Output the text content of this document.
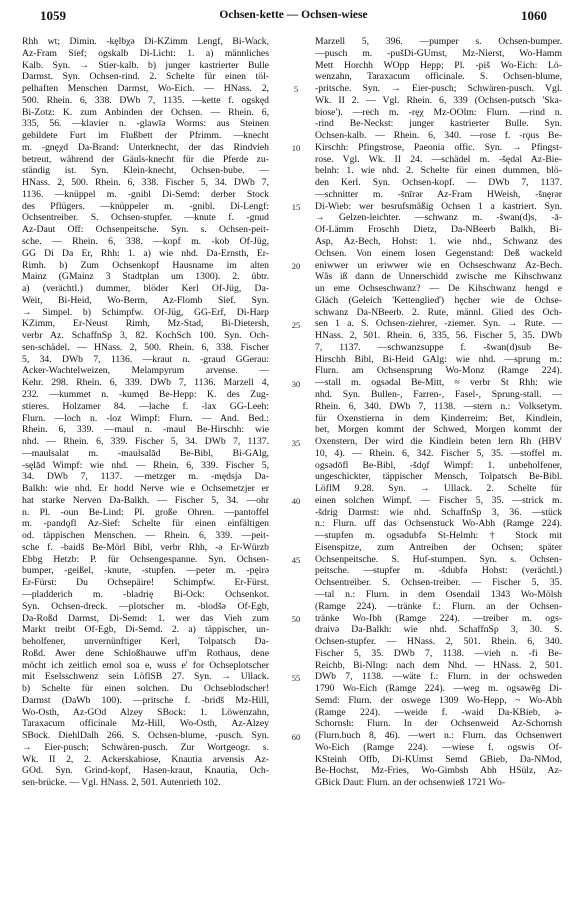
1059	Ochsen-kette — Ochsen-wiese	1060
Rhh wt; Dimin. -kęlbχə Di-KZimm Lengf, Bi-Wack,
Az-Fram Sief; ogskalb Di-Licht: 1. a) männliches
Kalb. Syn. → Stier-kalb. b) junger kastrierter Bulle
Darmst. Syn. Ochsen-rind. 2. Schelte für einen töl-
pelhaften Menschen Darmst, Wo-Eich. — HNass. 2,
500. Rhein. 6, 338. DWb 7, 1135. —kette f. ogskęd
Bi-Zotz: K. zum Anbinden der Ochsen. — Rhein. 6,
335, 56. —klavier n. -glawīə Worms: aus Steinen
gebildete Furt im Flußbett der Pfrimm. —knecht
m. -gnęχd Da-Brand: Unterknecht, der das Rindvieh
betreut, während der Gäuls-knecht für die Pferde zu-
ständig ist. Syn. Klein-knecht, Ochsen-bube. —
HNass. 2, 500. Rhein. 6, 338. Fischer 5, 34. DWb 7,
1136. —knüppel m. -gnibl Di-Semd: derber Stock
des Pflügers. —knüppeler m. -gnibl. Di-Lengf:
Ochsentreiber. S. Ochsen-stupfer. —knute f. -gnud
Az-Daut Off: Ochsenpeitsche. Syn. s. Ochsen-peit-
sche. — Rhein. 6, 338. —kopf m. -kob Of-Jüg,
GG Di Da Er, Rhh: 1. a) wie nhd. Da-Ernsth, Er-
Rimh. b) Zum Ochsenkopf Hausname im alten
Mainz (GMainz 3 Stadtplan um 1300). 2. übtr.
a) (verächtl.) dummer, blöder Kerl Of-Jüg, Da-
Weit, Bi-Heid, Wo-Berm, Az-Flomb Sief. Syn.
→ Simpel. b) Schimpfw. Of-Jüg, GG-Erf, Di-Harp
KZimm, Er-Neust Rimh, Mz-Stad, Bi-Dietersh,
verbr Az. SchaffnSp 3, 82. KochSch 100. Syn. Och-
sen-schädel. — HNass. 2, 500. Rhein. 6, 338. Fischer
5, 34. DWb 7, 1136. —kraut n. -graud GGerau:
Acker-Wachtelweizen, Melampyrum arvense. —
Kehr. 298. Rhein. 6, 339. DWb 7, 1136. Marzell 4,
232. —kummet n. -kumęd Be-Hepp: K. des Zug-
stieres. Holzamer 84. —lache f. -lax GG-Leeh:
Flurn. —loch n. -loz Wimpf: Flurn. — And. Bed.:
Rhein. 6, 339. —maul n. -maul Be-Hirschh: wie
nhd. — Rhein. 6, 339. Fischer 5, 34. DWb 7, 1137.
—maulsalat m. -maulsalād Be-Bibl, Bi-GAlg,
-sęlād Wimpf: wie nhd. — Rhein. 6, 339. Fischer 5,
34. DWb 7, 1137. —metzger m. -mędsjə Da-
Balkh: wie nhd. Er hodd Nerve wie e Ochsemetzjer er
hat starke Nerven Da-Balkh. — Fischer 5, 34. —ohr
n. Pl. -oun Be-Lind: Pl. große Ohren. —pantoffel
m. -pandǫfl Az-Sief: Schelte für einen einfältigen
od. täppischen Menschen. — Rhein. 6, 339. —peit-
sche f. -baidš Be-Mörl Bibl, verbr Rhh, -ə Er-Würzb
Ebbg Hetzb: P. für Ochsengespanne. Syn. Ochsen-
bumper, -geißel, -knute, -stupfen. —peter m. -pęirə
Er-Fürst: Du Ochsepäire! Schimpfw. Er-Fürst.
—pladderich m. -bladrię Bi-Ock: Ochsenkot.
Syn. Ochsen-dreck. —plotscher m. -blodšə Of-Egb,
Da-Roßd Darmst, Di-Semd: 1. wer das Vieh zum
Markt treibt Of-Egb, Di-Semd. 2. a) täppischer, un-
beholfener, unvernünftiger Kerl, Tolpatsch Da-
Roßd. Awer dene Schloßhauwe uff'm Rothaus, dene
möcht ich zeitlich emol soa e, wuss e' for Ochseplotscher
mit Eselsschwenz sein LöflSB 27. Syn. → Ullack.
b) Schelte für einen solchen. Du Ochseblodscher!
Darmst (DaWb 100). —pritsche f. -bridš Mz-Hill,
Wo-Osth, Az-GOd Alzey SBock: 1. Löwenzahn,
Taraxacum officinale Mz-Hill, Wo-Osth, Az-Alzey
SBock. DiehlDalh 266. S. Ochsen-blume, -pusch. Syn.
→ Eier-pusch; Schwären-pusch. Zur Wortgeogr. s.
Wk. II 2, 2. Ackerskabiose, Knautia arvensis Az-
GOd. Syn. Grind-kopf, Hasen-kraut, Knautia, Och-
sen-brücke. — Vgl. HNass. 2, 501. Autenrieth 102.
5
10
15
20
25
30
35
40
45
50
55
60
Marzell 5, 396. —pumper s. Ochsen-bumper.
—pusch m. -pušDi-GUmst, Mz-Nierst, Wo-Hamm
Mett Horchh WOpp Hepp; Pl. -piš Wo-Eich: Lö-
wenzahn, Taraxacum officinale. S. Ochsen-blume,
-pritsche. Syn. → Eier-pusch; Schwären-pusch. Vgl.
Wk. II 2. — Vgl. Rhein. 6, 339 (Ochsen-putsch 'Ska-
biose'). —rech m. -ręχ Mz-OOlm: Flurn. —rind n.
-rind Be-Neckst: junger kastrierter Bulle. Syn.
Ochsen-kalb. — Rhein. 6, 340. —rose f. -rǫus Be-
Kirschh: Pfingstrose, Paeonia offic. Syn. → Pfingst-
rose. Vgl. Wk. II 24. —schädel m. -šędǝl Az-Bie-
belnh: 1. wie nhd. 2. Schelte für einen dummen, blö-
den Kerl. Syn. Ochsen-kopf. — DWb 7, 1137.
—schnitter m. -šnīrər Az-Fram HWeish, -šnęrər
Di-Wieb: wer besrufsmäßig Ochsen 1 a kastriert. Syn.
→ Gelzen-leichter. —schwanz m. -šwan(d)s, -ā-
Of-Lämm Froschh Dietz, Da-NBeerb Balkh, Bi-
Asp, Az-Bech, Hohst: 1. wie nhd., Schwanz des
Ochsen. Von einem losen Gegenstand: Deß wackeld
eniwwer un eriwwer wie en Ochseschwanz Az-Bech.
Wås iß dann de Unnerschidd zwische me Kihschwanz
un eme Ochseschwanz? — De Kihschwanz hengd e
Gläch (Geleich 'Kettenglied') hęcher wie de Ochse-
schwanz Da-NBeerb. 2. Rute, männl. Glied des Och-
sen 1 a. S. Ochsen-ziehrer, -ziemer. Syn. → Rute. —
HNass. 2, 501. Rhein. 6, 335, 56. Fischer 5, 35. DWb
7, 1137. —schwanzsuppe f. -šwan(d)sub Be-
Hirschh Bibl, Bi-Heid GAlg: wie nhd. —sprung m.:
Flurn. am Ochsensprung Wo-Monz (Ramge 224).
—stall m. ogsədal Be-Mitt, ≈ verbr St Rhh: wie
nhd. Syn. Bullen-, Farren-, Fasel-, Sprung-stall. —
Rhein. 6, 340. DWb 7, 1138. —stern n.: Volksetym.
für Oxenstierna in dem Kinderreim: Bet, Kindlein,
bet, Morgen kommt der Schwed, Morgen kommt der
Oxenstern, Der wird die Kindlein beten lern Rh (HBV
10, 4). — Rhein. 6, 342. Fischer 5, 35. —stoffel m.
ogsədōfl Be-Bibl, -šdǫf Wimpf: 1. unbeholfener,
ungeschickter, täppischer Mensch, Tolpatsch Be-Bibl.
LöflM 9.28. Syn. → Ullack. 2. Schelte für
einen solchen Wimpf. — Fischer 5, 35. —strick m.
-šdrig Darmst: wie nhd. SchaffnSp 3, 36. —stück
n.: Flurn. uff das Ochsenstuck Wo-Abh (Ramge 224).
—stupfen m. ogsədubfə St-Helmh: † Stock mit
Eisenspitze, zum Antreiben der Ochsen; später
Ochsenpeitsche. S. Huf-stumpen. Syn. s. Ochsen-
peitsche. —stupfer m. -šdubfə Hohst: (verächtl.)
Ochsentreiber. S. Ochsen-treiber. — Fischer 5, 35.
—tal n.: Flurn. in dem Osendail 1343 Wo-Mölsh
(Ramge 224). —tränke f.: Flurn. an der Ochsen-
tränke Wo-Ibh (Ramge 224). —treiber m. ogs-
draivə Da-Balkh: wie nhd. SchaffnSp 3, 30. S.
Ochsen-stupfer. — HNass. 2, 501. Rhein. 6, 340.
Fischer 5, 35. DWb 7, 1138. —vieh n. -fi Be-
Reichb, Bi-NIng: nach dem Nhd. — HNass. 2, 501.
DWb 7, 1138. —wäte f.: Flurn. in der ochsweden
1790 Wo-Eich (Ramge 224). —weg m. ogsəwēg Di-
Semd: Flurn. der oswege 1309 Wo-Hepp, ~ Wo-Abh
(Ramge 224). —weide f. -waid Da-KBieb, ə-
Schornsh: Flurn. In der Ochsenweid Az-Schornsh
(Flurn.buch 8, 46). —wert n.: Flurn. das Ochsenwert
Wo-Eich (Ramge 224). —wiese f. ogswis Of-
KSteinh Offb, Di-KUmst Semd GBieb, Da-NMod,
Be-Hochst, Mz-Fries, Wo-Gimbsh Abh HSülz, Az-
GBick Daut: Flurn. an der ochsenwieß 1721 Wo-
